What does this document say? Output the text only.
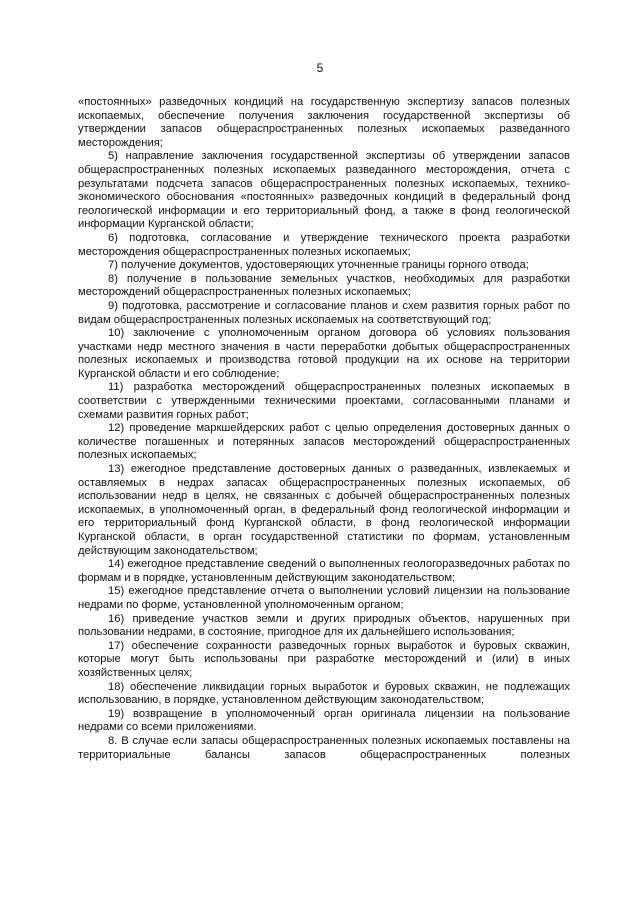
5

«постоянных» разведочных кондиций на государственную экспертизу запасов полезных ископаемых, обеспечение получения заключения государственной экспертизы об утверждении запасов общераспространенных полезных ископаемых разведанного месторождения;

5) направление заключения государственной экспертизы об утверждении запасов общераспространенных полезных ископаемых разведанного месторождения, отчета с результатами подсчета запасов общераспространенных полезных ископаемых, технико-экономического обоснования «постоянных» разведочных кондиций в федеральный фонд геологической информации и его территориальный фонд, а также в фонд геологической информации Курганской области;

6) подготовка, согласование и утверждение технического проекта разработки месторождения общераспространенных полезных ископаемых;

7) получение документов, удостоверяющих уточненные границы горного отвода;

8) получение в пользование земельных участков, необходимых для разработки месторождений общераспространенных полезных ископаемых;

9) подготовка, рассмотрение и согласование планов и схем развития горных работ по видам общераспространенных полезных ископаемых на соответствующий год;

10) заключение с уполномоченным органом договора об условиях пользования участками недр местного значения в части переработки добытых общераспространенных полезных ископаемых и производства готовой продукции на их основе на территории Курганской области и его соблюдение;

11) разработка месторождений общераспространенных полезных ископаемых в соответствии с утвержденными техническими проектами, согласованными планами и схемами развития горных работ;

12) проведение маркшейдерских работ с целью определения достоверных данных о количестве погашенных и потерянных запасов месторождений общераспространенных полезных ископаемых;

13) ежегодное представление достоверных данных о разведанных, извлекаемых и оставляемых в недрах запасах общераспространенных полезных ископаемых, об использовании недр в целях, не связанных с добычей общераспространенных полезных ископаемых, в уполномоченный орган, в федеральный фонд геологической информации и его территориальный фонд Курганской области, в фонд геологической информации Курганской области, в орган государственной статистики по формам, установленным действующим законодательством;

14) ежегодное представление сведений о выполненных геологоразведочных работах по формам и в порядке, установленным действующим законодательством;

15) ежегодное представление отчета о выполнении условий лицензии на пользование недрами по форме, установленной уполномоченным органом;

16) приведение участков земли и других природных объектов, нарушенных при пользовании недрами, в состояние, пригодное для их дальнейшего использования;

17) обеспечение сохранности разведочных горных выработок и буровых скважин, которые могут быть использованы при разработке месторождений и (или) в иных хозяйственных целях;

18) обеспечение ликвидации горных выработок и буровых скважин, не подлежащих использованию, в порядке, установленном действующим законодательством;

19) возвращение в уполномоченный орган оригинала лицензии на пользование недрами со всеми приложениями.

8. В случае если запасы общераспространенных полезных ископаемых поставлены на территориальные балансы запасов общераспространенных полезных
